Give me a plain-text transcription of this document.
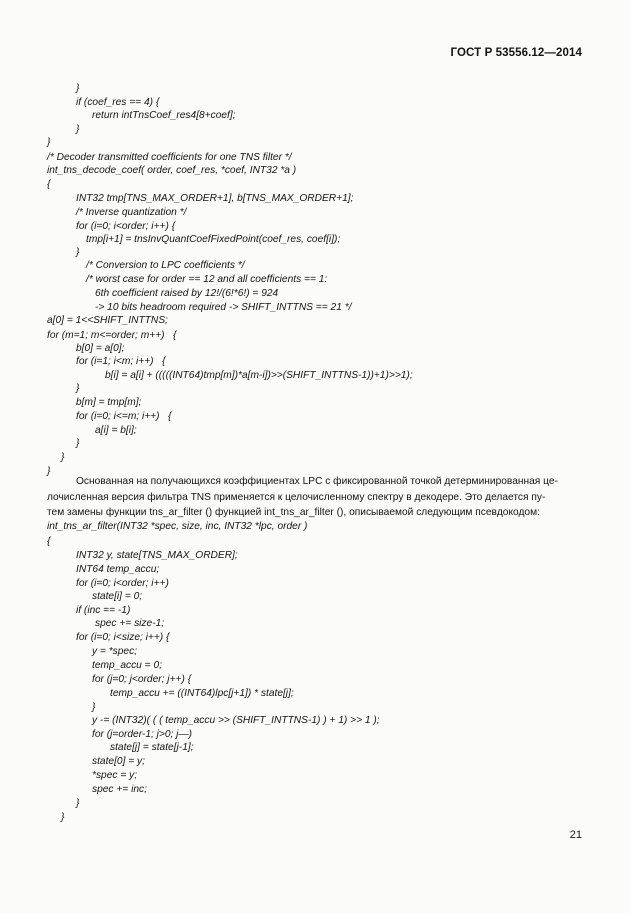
ГОСТ Р 53556.12—2014
}
if (coef_res == 4) {
return intTnsCoef_res4[8+coef];
}
}
/* Decoder transmitted coefficients for one TNS filter */
int_tns_decode_coef( order, coef_res, *coef, INT32 *a )
{
INT32 tmp[TNS_MAX_ORDER+1], b[TNS_MAX_ORDER+1];
/* Inverse quantization */
for (i=0; i<order; i++) {
tmp[i+1] = tnsInvQuantCoefFixedPoint(coef_res, coef[i]);
}
/* Conversion to LPC coefficients */
/* worst case for order == 12 and all coefficients == 1:
6th coefficient raised by 12!/(6!*6!) = 924
-> 10 bits headroom required -> SHIFT_INTTNS == 21 */
a[0] = 1<<SHIFT_INTTNS;
for (m=1; m<=order; m++)   {
b[0] = a[0];
for (i=1; i<m; i++)   {
b[i] = a[i] + (((((INT64)tmp[m])*a[m-i])>>(SHIFT_INTTNS-1))+1)>>1);
}
b[m] = tmp[m];
for (i=0; i<=m; i++)   {
a[i] = b[i];
}
}
}
Основанная на получающихся коэффициентах LPC с фиксированной точкой детерминированная це-
лочисленная версия фильтра TNS применяется к целочисленному спектру в декодере. Это делается пу-
тем замены функции tns_ar_filter () функцией int_tns_ar_filter (), описываемой следующим псевдокодом:
int_tns_ar_filter(INT32 *spec, size, inc, INT32 *lpc, order )
{
INT32 y, state[TNS_MAX_ORDER];
INT64 temp_accu;
for (i=0; i<order; i++)
state[i] = 0;
if (inc == -1)
spec += size-1;
for (i=0; i<size; i++) {
y = *spec;
temp_accu = 0;
for (j=0; j<order; j++) {
temp_accu += ((INT64)lpc[j+1]) * state[j];
}
y -= (INT32)( ( ( temp_accu >> (SHIFT_INTTNS-1) ) + 1) >> 1 );
for (j=order-1; j>0; j—)
state[j] = state[j-1];
state[0] = y;
*spec = y;
spec += inc;
}
}
21
